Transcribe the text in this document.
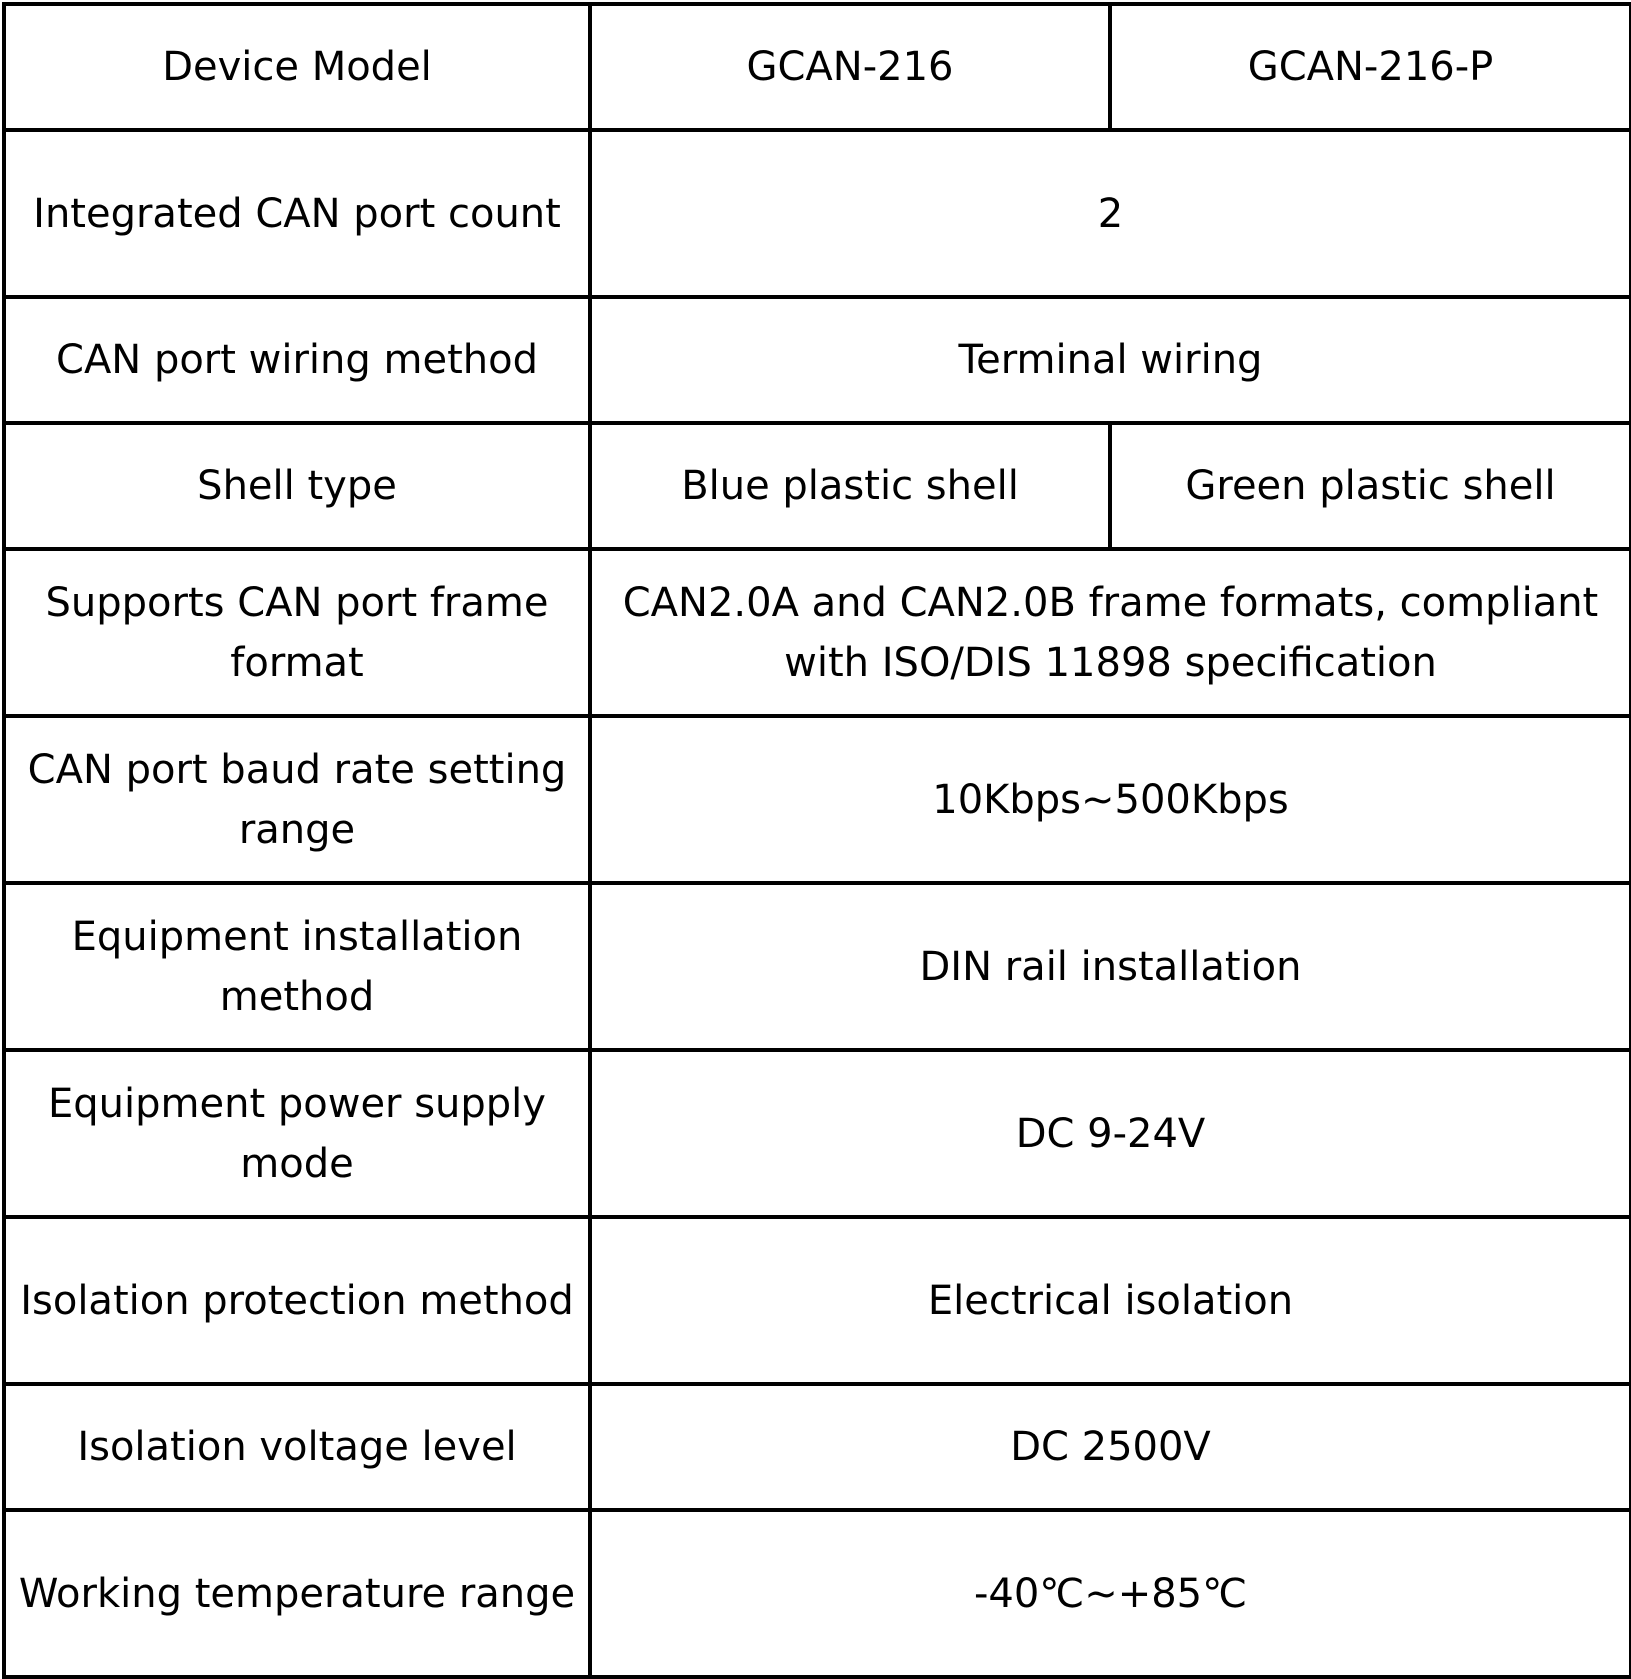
Device Model	GCAN-216	GCAN-216-P
Integrated CAN port count	2	
CAN port wiring method	Terminal wiring	
Shell type	Blue plastic shell	Green plastic shell
Supports CAN port frame format	CAN2.0A and CAN2.0B frame formats, compliant with ISO/DIS 11898 specification	
CAN port baud rate setting range	10Kbps~500Kbps	
Equipment installation method	DIN rail installation	
Equipment power supply mode	DC 9-24V	
Isolation protection method	Electrical isolation	
Isolation voltage level	DC 2500V	
Working temperature range	-40℃~+85℃	
